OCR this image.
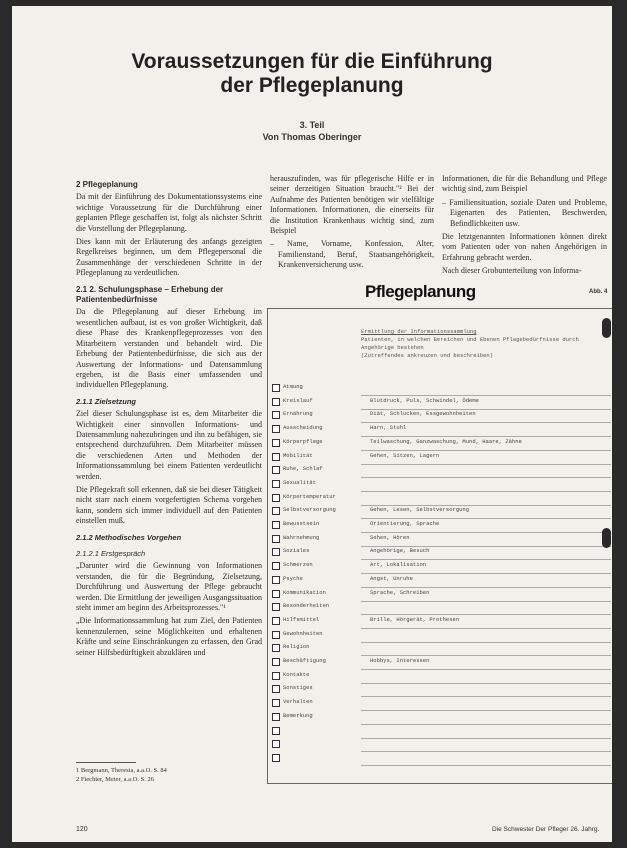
Voraussetzungen für die Einführung
der Pflegeplanung
3. Teil
Von Thomas Oberinger
2 Pflegeplanung

Da mit der Einführung des Dokumentationssystems eine wichtige Voraussetzung für die Durchführung einer geplanten Pflege geschaffen ist, folgt als nächster Schritt die Vorstellung der Pflegeplanung.

Dies kann mit der Erläuterung des anfangs gezeigten Regelkreises beginnen, um dem Pflegepersonal die Zusammenhänge der verschiedenen Schritte in der Pflegeplanung zu verdeutlichen.

2.1 2. Schulungsphase – Erhebung der Patientenbedürfnisse

Da die Pflegeplanung auf dieser Erhebung im wesentlichen aufbaut, ist es von großer Wichtigkeit, daß diese Phase des Krankenpflegeprozesses von den Mitarbeitern verstanden und behandelt wird. Die Erhebung der Patientenbedürfnisse, die sich aus der Auswertung der Informations- und Datensammlung ergeben, ist die Basis einer umfassenden und individuellen Pflegeplanung.

2.1.1 Zielsetzung

Ziel dieser Schulungsphase ist es, dem Mitarbeiter die Wichtigkeit einer sinnvollen Informations- und Datensammlung nahezubringen und ihn zu befähigen, sie entsprechend durchzuführen. Dem Mitarbeiter müssen die verschiedenen Arten und Methoden der Informationssammlung bei einem Patienten verdeutlicht werden.

Die Pflegekraft soll erkennen, daß sie bei dieser Tätigkeit nicht starr nach einem vorgefertigten Schema vorgehen kann, sondern sich immer individuell auf den Patienten einstellen muß.

2.1.2 Methodisches Vorgehen
2.1.2.1 Erstgespräch

„Darunter wird die Gewinnung von Informationen verstanden, die für die Begründung, Zielsetzung, Durchführung und Auswertung der Pflege gebraucht werden. Die Ermittlung der jeweiligen Ausgangssituation steht immer am beginn des Arbeitsprozesses."¹

„Die Informationssammlung hat zum Ziel, den Patienten kennenzulernen, seine Möglichkeiten und erhaltenen Kräfte und seine Einschränkungen zu erfassen, den Grad seiner Hilfsbedürftigkeit abzuklären und

herauszufinden, was für pflegerische Hilfe er in seiner derzeitigen Situation braucht."² Bei der Aufnahme des Patienten benötigen wir vielfältige Informationen. Informationen, die einerseits für die Institution Krankenhaus wichtig sind, zum Beispiel

– Name, Vorname, Konfession, Alter, Familienstand, Beruf, Staatsangehörigkeit, Krankenversicherung usw.

Informationen, die für die Behandlung und Pflege wichtig sind, zum Beispiel

– Familiensituation, soziale Daten und Probleme, Eigenarten des Patienten, Beschwerden, Befindlichkeiten usw.

Die letztgenannten Informationen können direkt vom Patienten oder von nahen Angehörigen in Erfahrung gebracht werden.

Nach dieser Grobunterteilung von Informa-

Pflegeplanung	Abb. 4
Ermittlung der Informationssammlung
Patienten, in welchen Bereichen und Ebenen Pflegebedürfnisse durch Angehörige bestehen
(Zutreffendes ankreuzen und beschreiben)
Atmung
Kreislauf	Blutdruck, Puls, Schwindel, Ödeme
Ernährung	Diät, Schlucken, Essgewohnheiten
Ausscheidung	Harn, Stuhl
Körperpflege	Teilwaschung, Ganzwaschung, Mund, Haare, Zähne
Mobilität	Gehen, Sitzen, Lagern
Ruhe, Schlaf
Sexualität
Körpertemperatur
Selbstversorgung	Gehen, Lesen, Selbstversorgung
Bewusstsein	Orientierung, Sprache
Wahrnehmung	Sehen, Hören
Soziales	Angehörige, Besuch
Schmerzen	Art, Lokalisation
Psyche	Angst, Unruhe
Kommunikation	Sprache, Schreiben
Besonderheiten
Hilfsmittel	Brille, Hörgerät, Prothesen
Gewohnheiten
Religion
Beschäftigung	Hobbys, Interessen
Kontakte
Sonstiges
Verhalten
Bemerkung
1 Bergmann, Theresia, a.a.O. S. 84
2 Fiechter, Meier, a.a.O. S. 26
120	Die Schwester Der Pfleger 26. Jahrg.
